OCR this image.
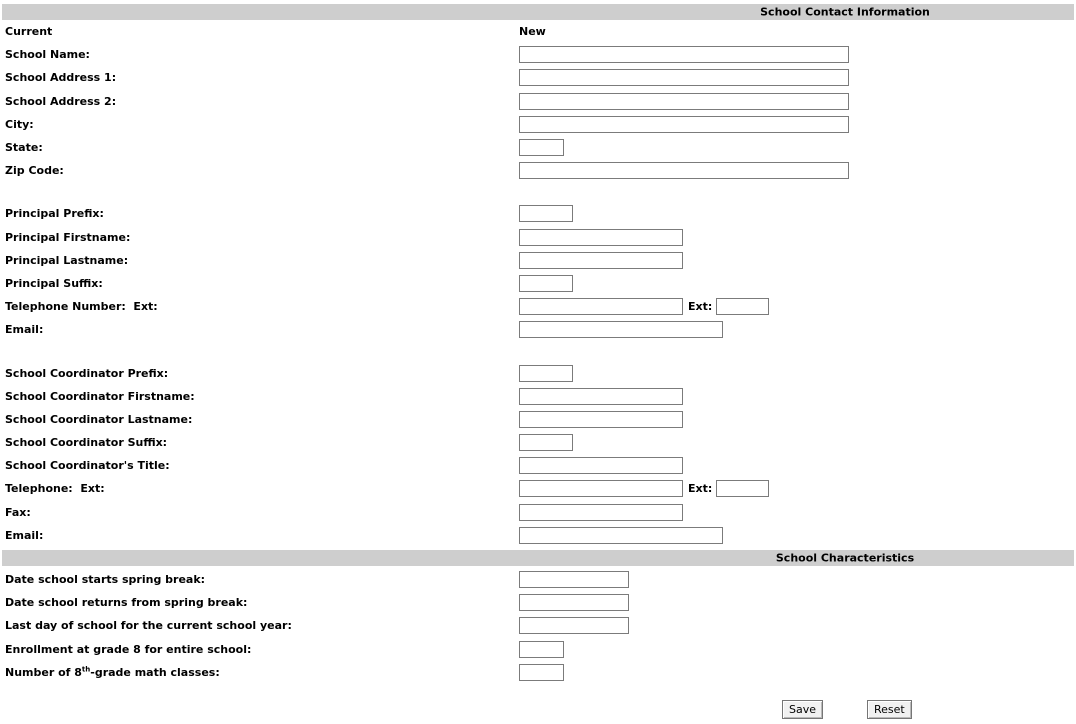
School Contact Information
Current	New
School Name:
School Address 1:
School Address 2:
City:
State:
Zip Code:
Principal Prefix:
Principal Firstname:
Principal Lastname:
Principal Suffix:
Telephone Number:  Ext:	Ext:
Email:
School Coordinator Prefix:
School Coordinator Firstname:
School Coordinator Lastname:
School Coordinator Suffix:
School Coordinator's Title:
Telephone:  Ext:	Ext:
Fax:
Email:
School Characteristics
Date school starts spring break:
Date school returns from spring break:
Last day of school for the current school year:
Enrollment at grade 8 for entire school:
Number of 8th-grade math classes:
Save	Reset
